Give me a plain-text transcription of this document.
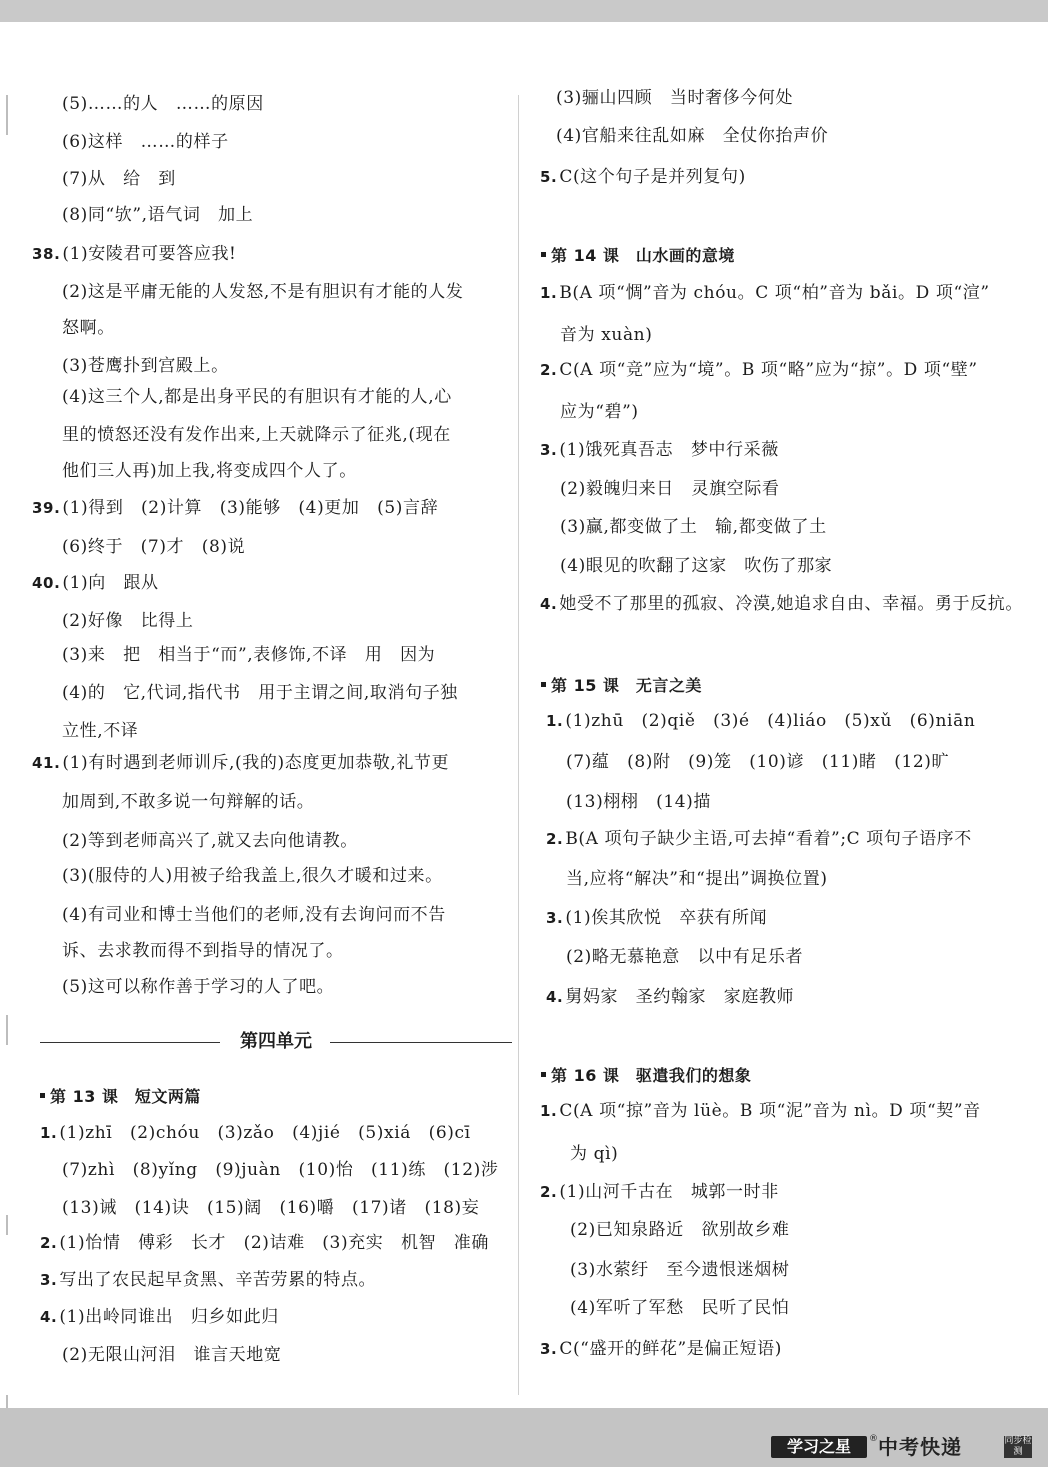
(5)……的人　……的原因
(6)这样　……的样子
(7)从　给　到
(8)同“欤”,语气词　加上
38. (1)安陵君可要答应我!
(2)这是平庸无能的人发怒,不是有胆识有才能的人发
怒啊。
(3)苍鹰扑到宫殿上。
(4)这三个人,都是出身平民的有胆识有才能的人,心
里的愤怒还没有发作出来,上天就降示了征兆,(现在
他们三人再)加上我,将变成四个人了。
39. (1)得到　(2)计算　(3)能够　(4)更加　(5)言辞
(6)终于　(7)才　(8)说
40. (1)向　跟从
(2)好像　比得上
(3)来　把　相当于“而”,表修饰,不译　用　因为
(4)的　它,代词,指代书　用于主谓之间,取消句子独
立性,不译
41. (1)有时遇到老师训斥,(我的)态度更加恭敬,礼节更
加周到,不敢多说一句辩解的话。
(2)等到老师高兴了,就又去向他请教。
(3)(服侍的人)用被子给我盖上,很久才暖和过来。
(4)有司业和博士当他们的老师,没有去询问而不告
诉、去求教而得不到指导的情况了。
(5)这可以称作善于学习的人了吧。
第四单元
第 13 课　短文两篇
1. (1)zhī　(2)chóu　(3)zǎo　(4)jié　(5)xiá　(6)cī
(7)zhì　(8)yǐng　(9)juàn　(10)怡　(11)练　(12)涉
(13)诫　(14)诀　(15)阔　(16)嚼　(17)诸　(18)妄
2. (1)怡情　傅彩　长才　(2)诘难　(3)充实　机智　准确
3. 写出了农民起早贪黑、辛苦劳累的特点。
4. (1)出岭同谁出　归乡如此归
(2)无限山河泪　谁言天地宽
(3)骊山四顾　当时奢侈今何处
(4)官船来往乱如麻　全仗你抬声价
5. C(这个句子是并列复句)
第 14 课　山水画的意境
1. B(A 项“惆”音为 chóu。C 项“柏”音为 bǎi。D 项“渲”
音为 xuàn)
2. C(A 项“竞”应为“境”。B 项“略”应为“掠”。D 项“壁”
应为“碧”)
3. (1)饿死真吾志　梦中行采薇
(2)毅魄归来日　灵旗空际看
(3)赢,都变做了土　输,都变做了土
(4)眼见的吹翻了这家　吹伤了那家
4. 她受不了那里的孤寂、冷漠,她追求自由、幸福。勇于反抗。
第 15 课　无言之美
1. (1)zhū　(2)qiě　(3)é　(4)liáo　(5)xǔ　(6)niān
(7)蕴　(8)附　(9)笼　(10)谚　(11)睹　(12)旷
(13)栩栩　(14)描
2. B(A 项句子缺少主语,可去掉“看着”;C 项句子语序不
当,应将“解决”和“提出”调换位置)
3. (1)俟其欣悦　卒获有所闻
(2)略无慕艳意　以中有足乐者
4. 舅妈家　圣约翰家　家庭教师
第 16 课　驱遣我们的想象
1. C(A 项“掠”音为 lüè。B 项“泥”音为 nì。D 项“契”音
为 qì)
2. (1)山河千古在　城郭一时非
(2)已知泉路近　欲别故乡难
(3)水萦纡　至今遗恨迷烟树
(4)军听了军愁　民听了民怕
3. C(“盛开的鲜花”是偏正短语)
学习之星	® 中考快递	同步检测
